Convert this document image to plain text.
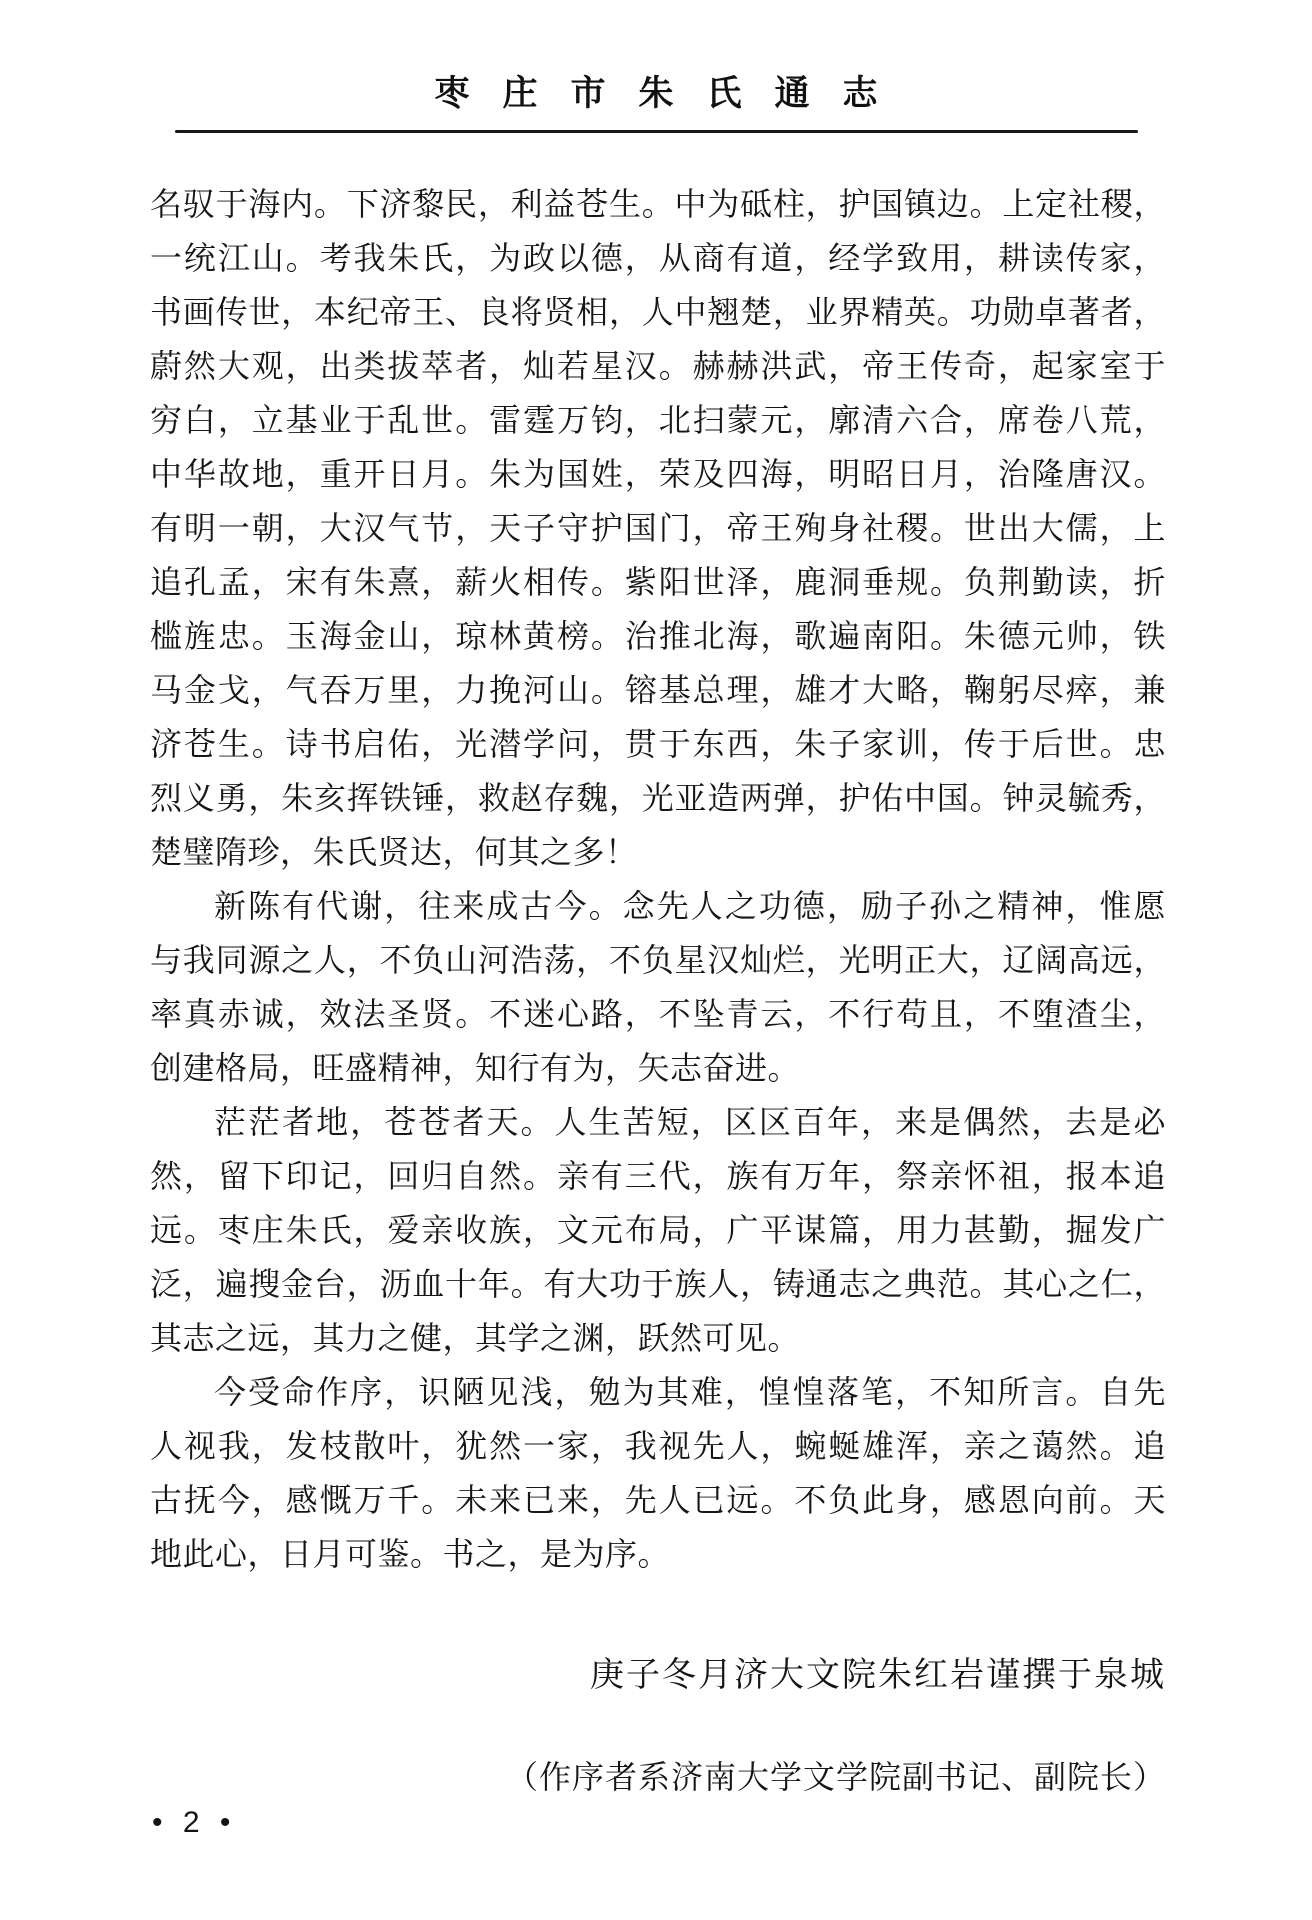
枣庄市朱氏通志
名驭于海内。下济黎民，利益苍生。中为砥柱，护国镇边。上定社稷，
一统江山。考我朱氏，为政以德，从商有道，经学致用，耕读传家，
书画传世，本纪帝王、良将贤相，人中翘楚，业界精英。功勋卓著者，
蔚然大观，出类拔萃者，灿若星汉。赫赫洪武，帝王传奇，起家室于
穷白，立基业于乱世。雷霆万钧，北扫蒙元，廓清六合，席卷八荒，
中华故地，重开日月。朱为国姓，荣及四海，明昭日月，治隆唐汉。
有明一朝，大汉气节，天子守护国门，帝王殉身社稷。世出大儒，上
追孔孟，宋有朱熹，薪火相传。紫阳世泽，鹿洞垂规。负荆勤读，折
槛旌忠。玉海金山，琼林黄榜。治推北海，歌遍南阳。朱德元帅，铁
马金戈，气吞万里，力挽河山。镕基总理，雄才大略，鞠躬尽瘁，兼
济苍生。诗书启佑，光潜学问，贯于东西，朱子家训，传于后世。忠
烈义勇，朱亥挥铁锤，救赵存魏，光亚造两弹，护佑中国。钟灵毓秀，
楚璧隋珍，朱氏贤达，何其之多！
新陈有代谢，往来成古今。念先人之功德，励子孙之精神，惟愿
与我同源之人，不负山河浩荡，不负星汉灿烂，光明正大，辽阔高远，
率真赤诚，效法圣贤。不迷心路，不坠青云，不行苟且，不堕渣尘，
创建格局，旺盛精神，知行有为，矢志奋进。
茫茫者地，苍苍者天。人生苦短，区区百年，来是偶然，去是必
然，留下印记，回归自然。亲有三代，族有万年，祭亲怀祖，报本追
远。枣庄朱氏，爱亲收族，文元布局，广平谋篇，用力甚勤，掘发广
泛，遍搜金台，沥血十年。有大功于族人，铸通志之典范。其心之仁，
其志之远，其力之健，其学之渊，跃然可见。
今受命作序，识陋见浅，勉为其难，惶惶落笔，不知所言。自先
人视我，发枝散叶，犹然一家，我视先人，蜿蜒雄浑，亲之蔼然。追
古抚今，感慨万千。未来已来，先人已远。不负此身，感恩向前。天
地此心，日月可鉴。书之，是为序。
庚子冬月济大文院朱红岩谨撰于泉城
（作序者系济南大学文学院副书记、副院长）
• 2 •
